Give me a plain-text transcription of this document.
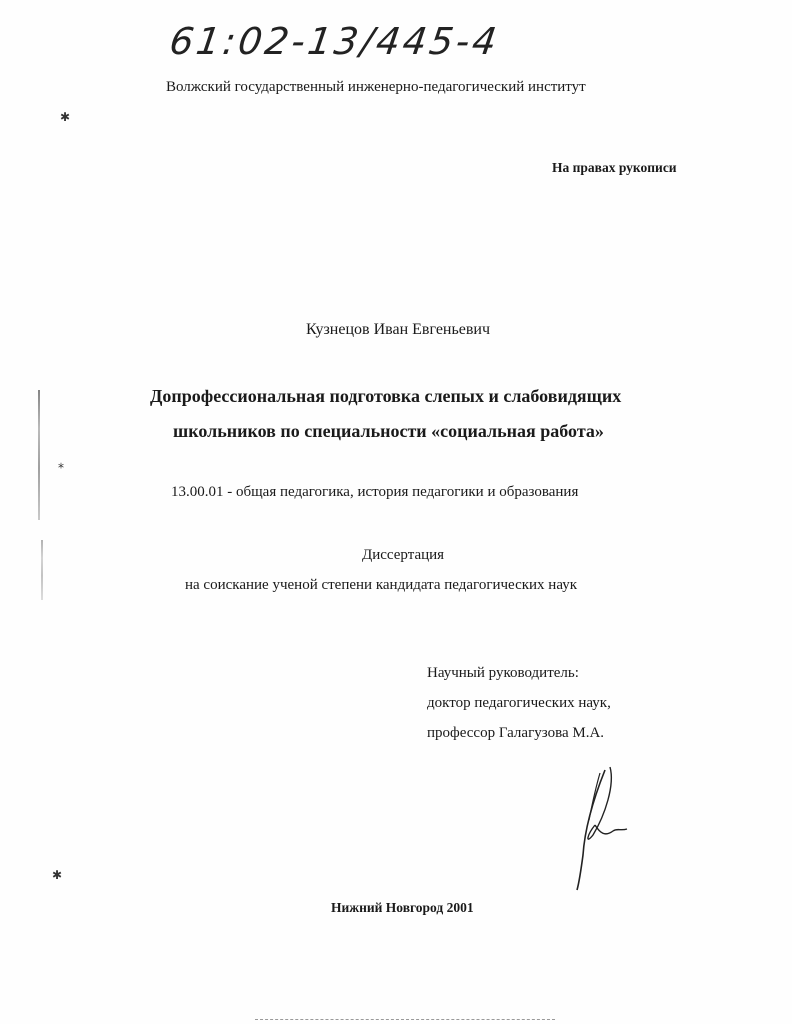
61:02-13/445-4
Волжский государственный инженерно-педагогический институт
На правах рукописи
Кузнецов Иван Евгеньевич
Допрофессиональная подготовка слепых и слабовидящих
школьников по специальности «социальная работа»
13.00.01 - общая педагогика, история педагогики и образования
Диссертация
на соискание ученой степени кандидата педагогических наук
Научный руководитель:
доктор педагогических наук,
профессор Галагузова М.А.
Нижний Новгород 2001
✱
⁎
✱
